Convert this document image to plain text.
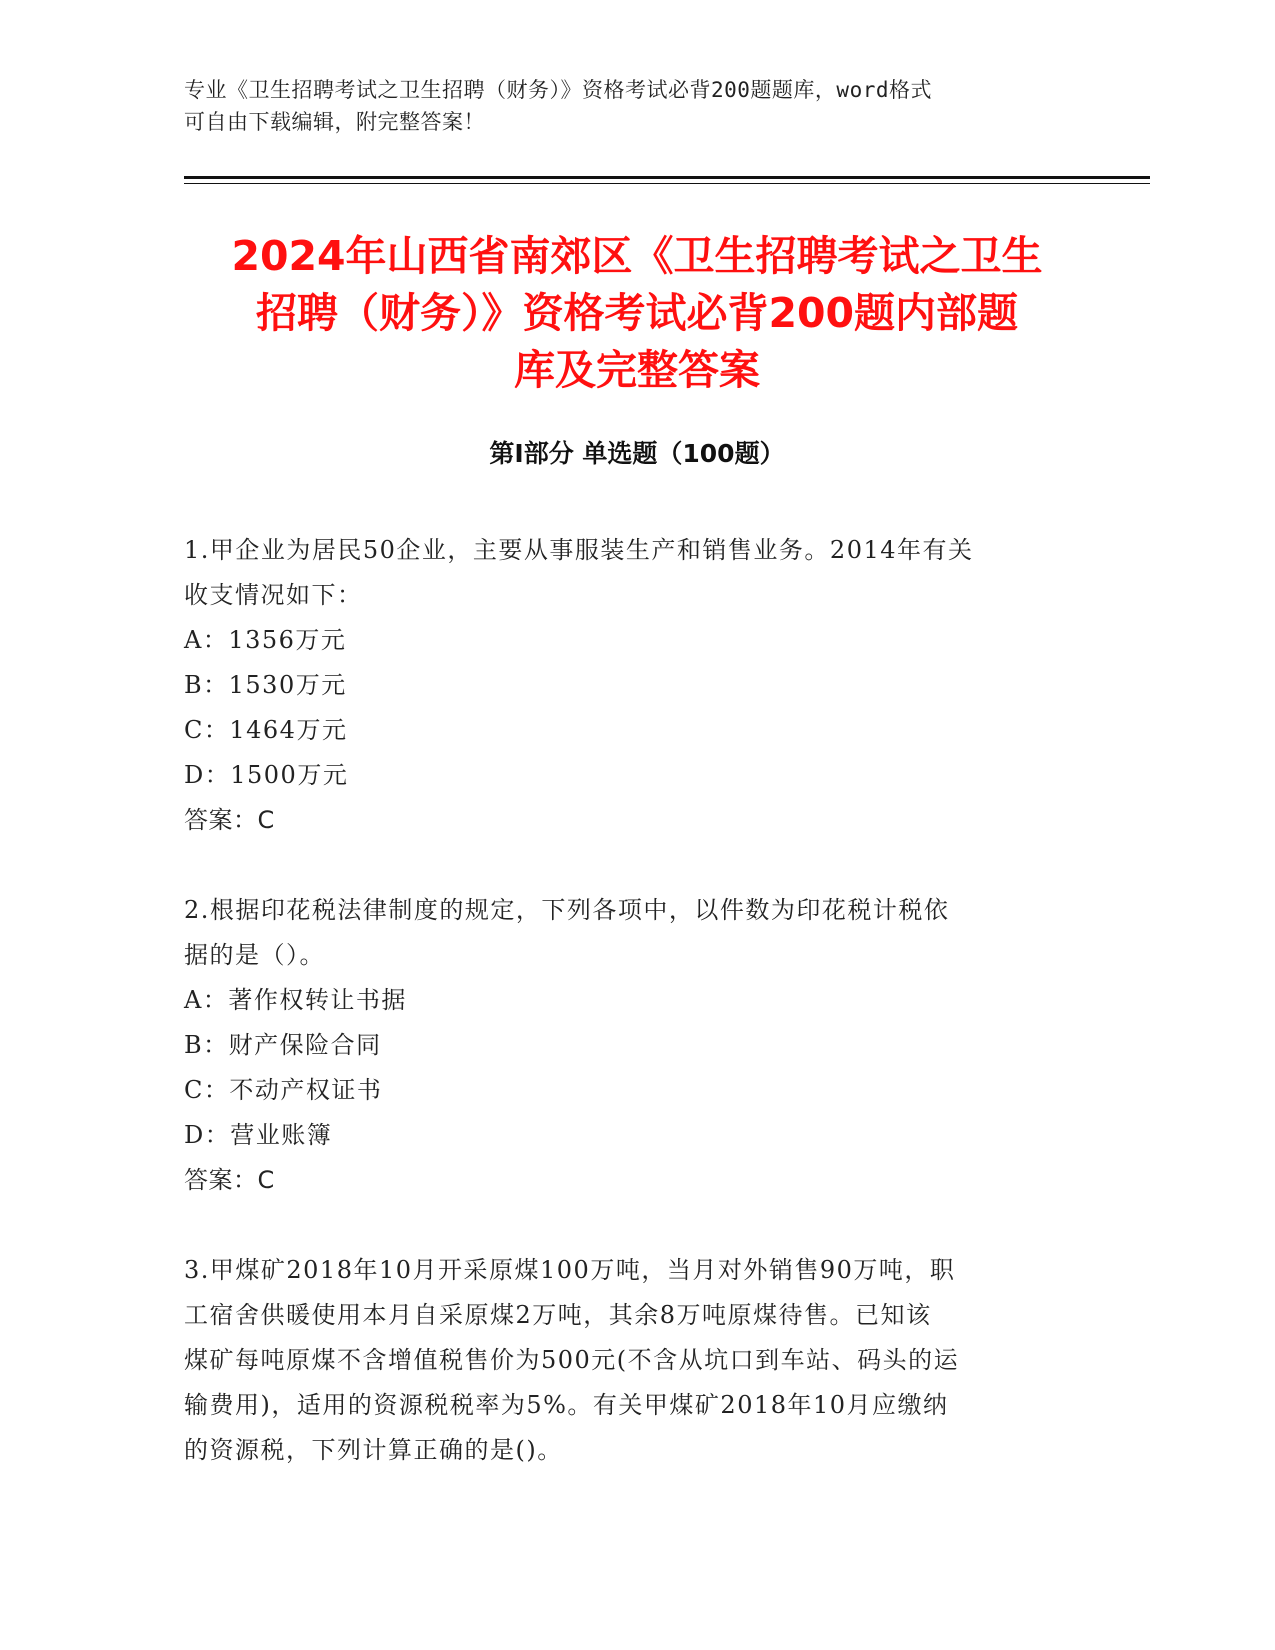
专业《卫生招聘考试之卫生招聘（财务）》资格考试必背200题题库，word格式
可自由下载编辑，附完整答案！
2024年山西省南郊区《卫生招聘考试之卫生
招聘（财务）》资格考试必背200题内部题
库及完整答案
第Ⅰ部分 单选题（100题）

1.甲企业为居民50企业，主要从事服装生产和销售业务。2014年有关

收支情况如下：

A：1356万元

B：1530万元

C：1464万元

D：1500万元

答案：C

2.根据印花税法律制度的规定，下列各项中，以件数为印花税计税依

据的是（）。

A：著作权转让书据

B：财产保险合同

C：不动产权证书

D：营业账簿

答案：C

3.甲煤矿2018年10月开采原煤100万吨，当月对外销售90万吨，职

工宿舍供暖使用本月自采原煤2万吨，其余8万吨原煤待售。已知该

煤矿每吨原煤不含增值税售价为500元(不含从坑口到车站、码头的运

输费用)，适用的资源税税率为5%。有关甲煤矿2018年10月应缴纳

的资源税，下列计算正确的是()。
